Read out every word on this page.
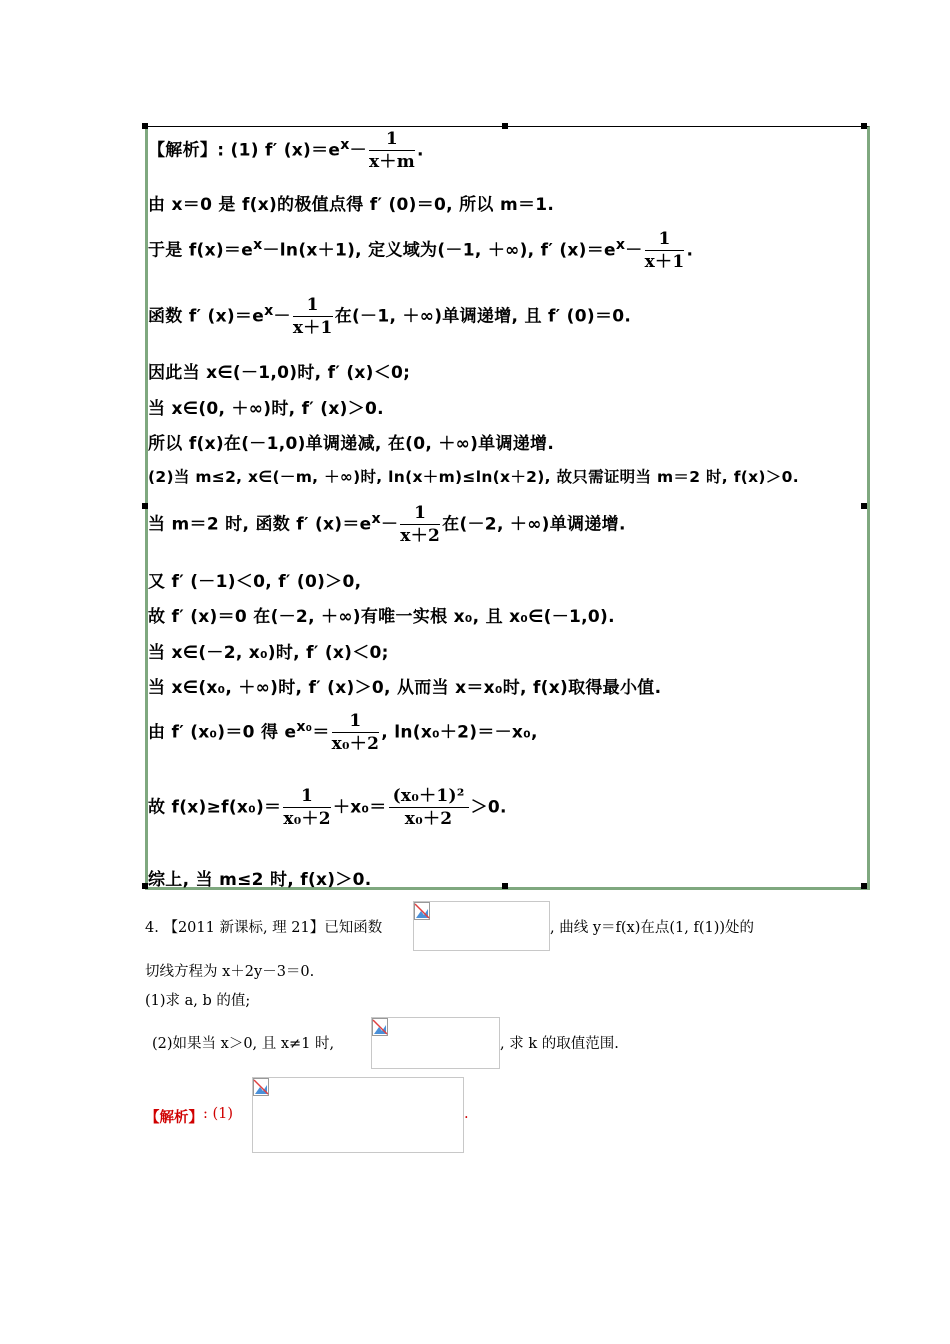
【解析】: (1) f′ $(x)=e^x- \frac{1}{x+m}$ .
由 x＝0 是 f(x)的极值点得 f′ (0)＝0, 所以 m＝1.
于是 $f(x)=e^x-\ln(x+1)$, 定义域为(－1, ＋∞), f′ $(x)=e^x- \frac{1}{x+1}$ .
函数 f′ $(x)=e^x- \frac{1}{x+1}$ 在(－1, ＋∞)单调递增, 且 f′ (0)＝0.
因此当 x∈(－1,0)时, f′ (x)＜0;
当 x∈(0, ＋∞)时, f′ (x)＞0.
所以 f(x)在(－1,0)单调递减, 在(0, ＋∞)单调递增.
(2)当 m≤2, x∈(－m, ＋∞)时, ln(x＋m)≤ln(x＋2), 故只需证明当 m＝2 时, f(x)＞0.
当 m＝2 时, 函数 f′ $(x)=e^x- \frac{1}{x+2}$ 在(－2, ＋∞)单调递增.
又 f′ (－1)＜0, f′ (0)＞0,
故 f′ (x)＝0 在(－2, ＋∞)有唯一实根 x₀, 且 x₀∈(－1,0).
当 x∈(－2, x₀)时, f′ (x)＜0;
当 x∈(x₀, ＋∞)时, f′ (x)＞0, 从而当 x＝x₀时, f(x)取得最小值.
由 f′ (x₀)＝0 得 $e^{x_0}= \frac{1}{\text{x₀＋2}}$ , ln(x₀＋2)＝－x₀,
故 $f(x)\ge f(x_0)= \frac{1}{\text{x₀＋2}} +x_0= \frac{\text{(x₀＋1)²}}{\text{x₀＋2}} >0$.
综上, 当 m≤2 时, f(x)＞0.
4. 【2011 新课标, 理 21】已知函数	, 曲线 y＝f(x)在点(1, f(1))处的
切线方程为 x＋2y－3＝0.
(1)求 a, b 的值;
(2)如果当 x＞0, 且 x≠1 时,	, 求 k 的取值范围.
【解析】 : (1)	.
